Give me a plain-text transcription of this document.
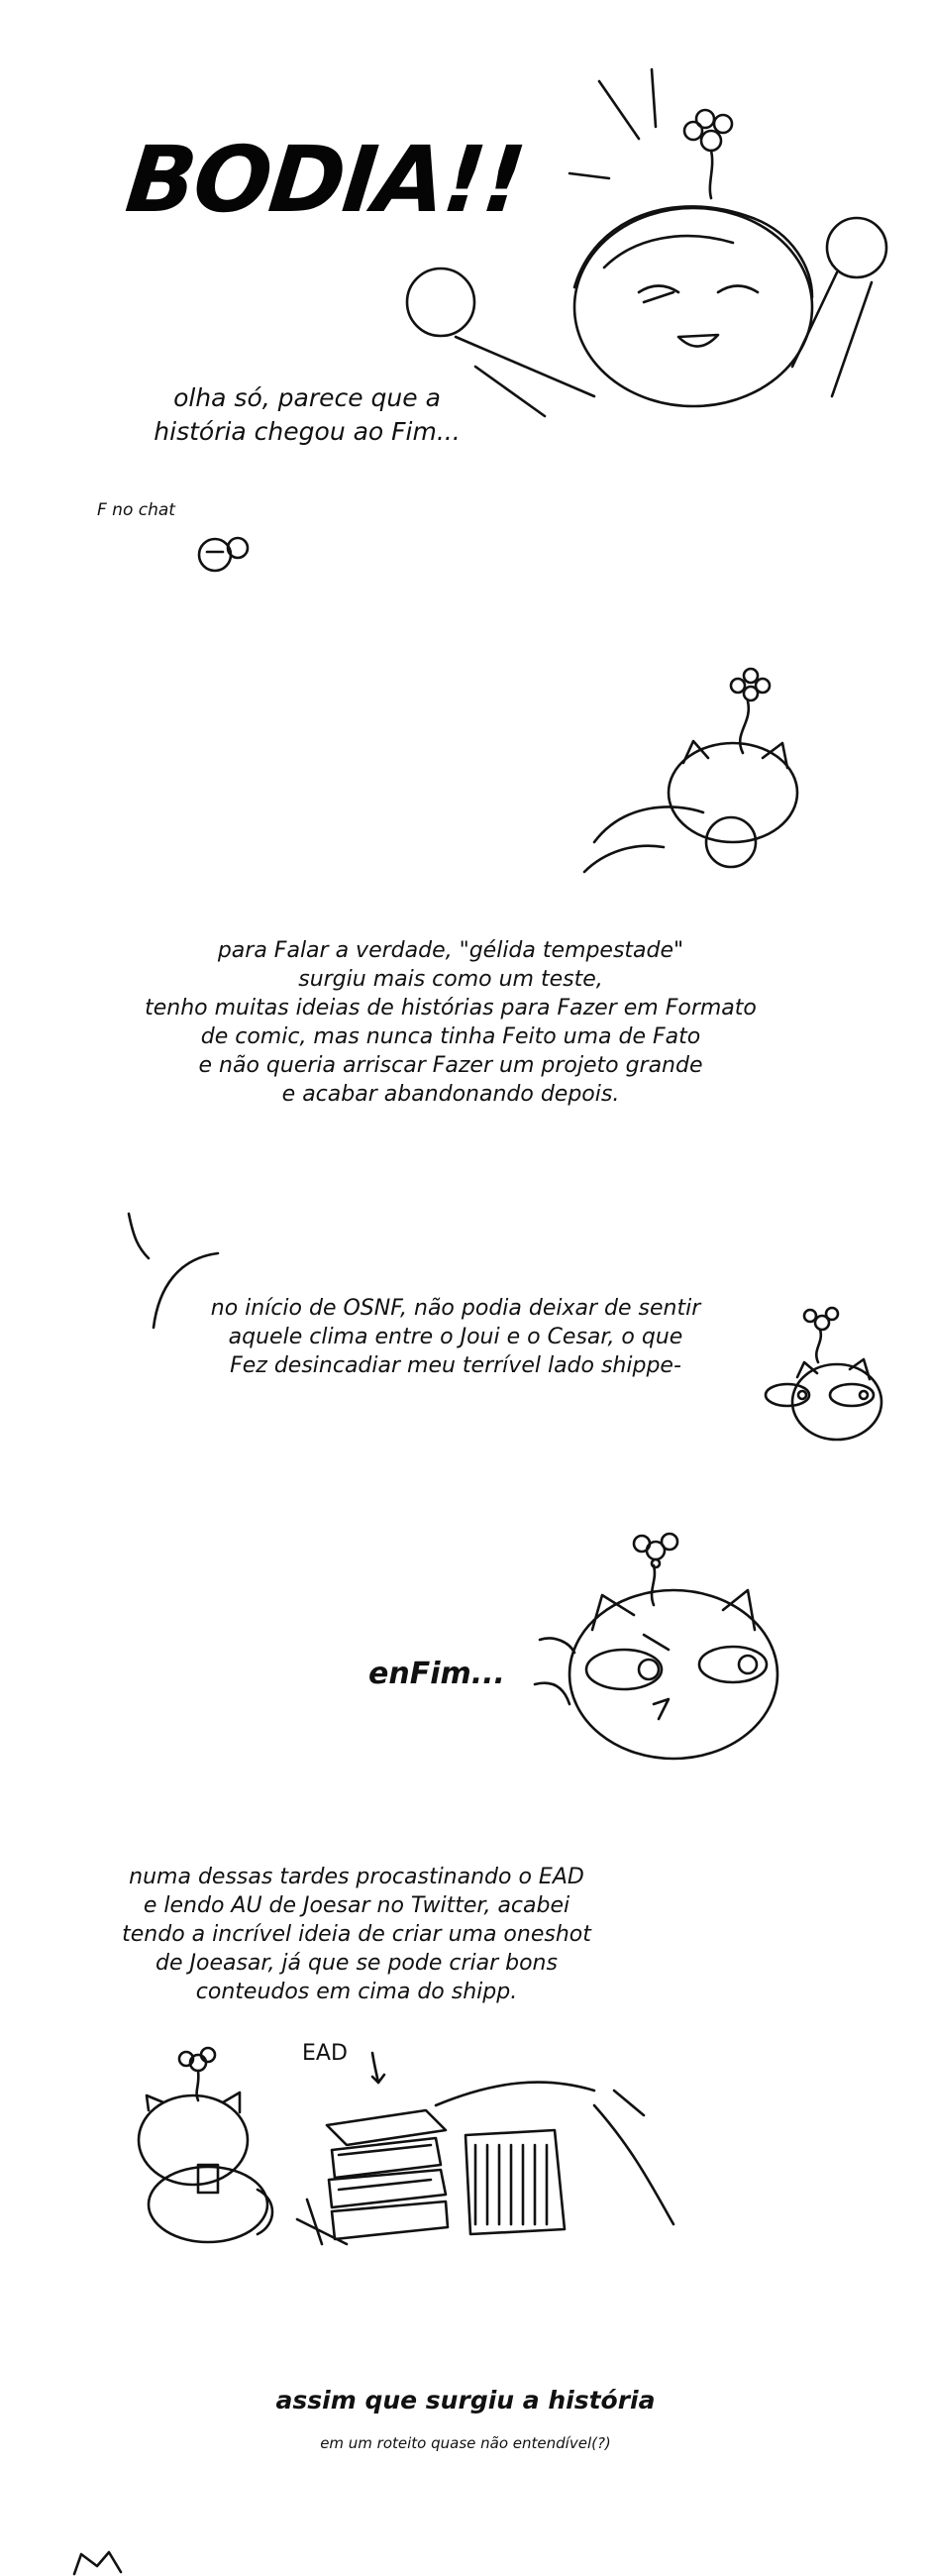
BODIA!!
olha só, parece que a
história chegou ao Fim...
F no chat
para Falar a verdade, "gélida tempestade"
surgiu mais como um teste,
tenho muitas ideias de histórias para Fazer em Formato
de comic, mas nunca tinha Feito uma de Fato
e não queria arriscar Fazer um projeto grande
e acabar abandonando depois.
no início de OSNF, não podia deixar de sentir
aquele clima entre o Joui e o Cesar, o que
Fez desincadiar meu terrível lado shippe-
enFim...
numa dessas tardes procastinando o EAD
e lendo AU de Joesar no Twitter, acabei
tendo a incrível ideia de criar uma oneshot
de Joeasar, já que se pode criar bons
conteudos em cima do shipp.
EAD
assim que surgiu a história
em um roteito quase não entendível(?)
